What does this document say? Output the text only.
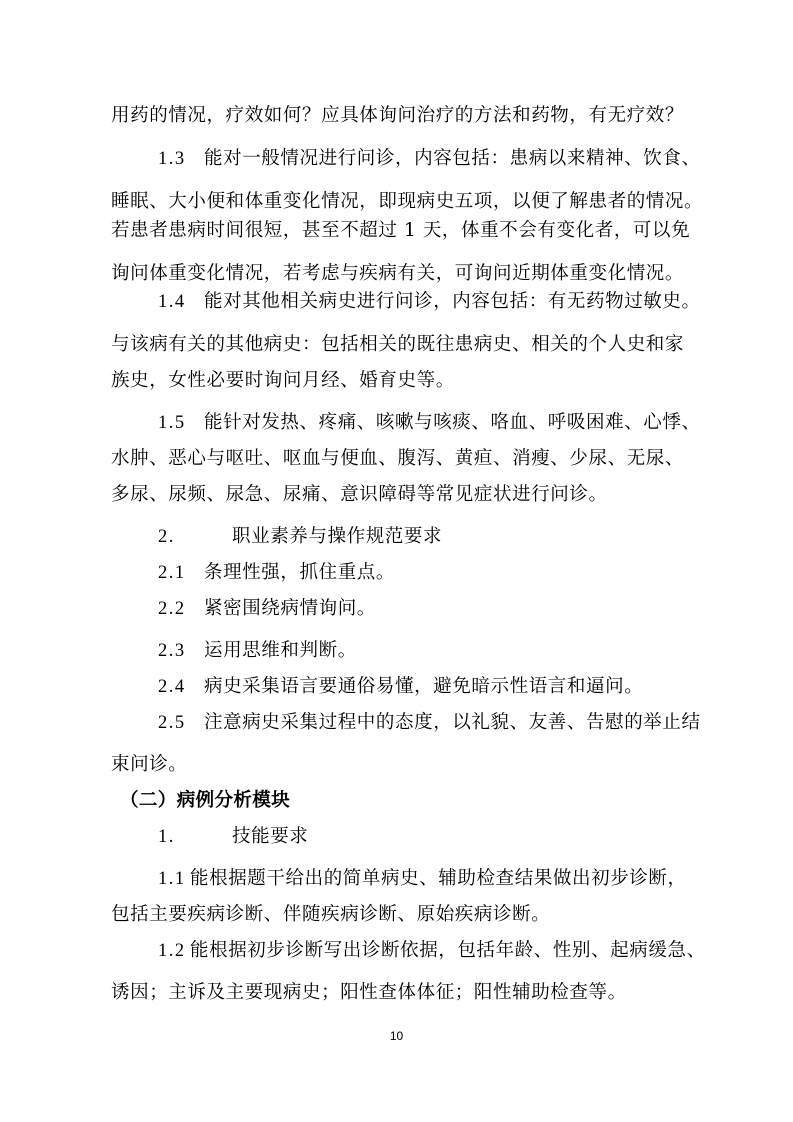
用药的情况，疗效如何？应具体询问治疗的方法和药物，有无疗效？
1.3 能对一般情况进行问诊，内容包括：患病以来精神、饮食、
睡眠、大小便和体重变化情况，即现病史五项，以便了解患者的情况。
若患者患病时间很短，甚至不超过 1 天，体重不会有变化者，可以免
询问体重变化情况，若考虑与疾病有关，可询问近期体重变化情况。
1.4 能对其他相关病史进行问诊，内容包括：有无药物过敏史。
与该病有关的其他病史：包括相关的既往患病史、相关的个人史和家
族史，女性必要时询问月经、婚育史等。
1.5 能针对发热、疼痛、咳嗽与咳痰、咯血、呼吸困难、心悸、
水肿、恶心与呕吐、呕血与便血、腹泻、黄疸、消瘦、少尿、无尿、
多尿、尿频、尿急、尿痛、意识障碍等常见症状进行问诊。
2.	职业素养与操作规范要求
2.1 条理性强，抓住重点。
2.2 紧密围绕病情询问。
2.3 运用思维和判断。
2.4 病史采集语言要通俗易懂，避免暗示性语言和逼问。
2.5 注意病史采集过程中的态度，以礼貌、友善、告慰的举止结
束问诊。
（二）病例分析模块
1.	技能要求
1.1 能根据题干给出的简单病史、辅助检查结果做出初步诊断，
包括主要疾病诊断、伴随疾病诊断、原始疾病诊断。
1.2 能根据初步诊断写出诊断依据，包括年龄、性别、起病缓急、
诱因；主诉及主要现病史；阳性查体体征；阳性辅助检查等。
10
